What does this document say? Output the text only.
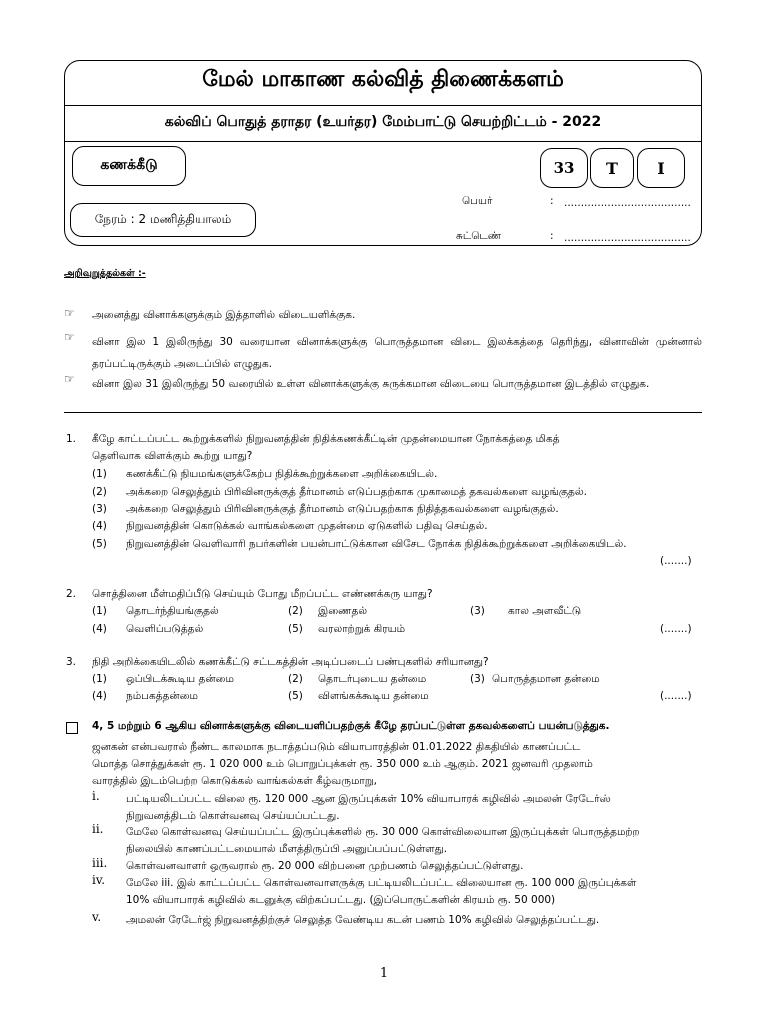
மேல் மாகாண கல்வித் திணைக்களம்
கல்விப் பொதுத் தராதர (உயர்தர) மேம்பாட்டு செயற்றிட்டம் - 2022
கணக்கீடு	33 T I
நேரம் : 2 மணித்தியாலம்
பெயர்	: ......................................
சுட்டெண்	: ......................................
அறிவுறுத்தல்கள் :-
☞ அனைத்து வினாக்களுக்கும் இத்தாளில் விடையளிக்குக.
☞ வினா இல 1 இலிருந்து 30 வரையான வினாக்களுக்கு பொருத்தமான விடை இலக்கத்தை தெரிந்து, வினாவின் முன்னால் தரப்பட்டிருக்கும் அடைப்பில் எழுதுக.
☞ வினா இல 31 இலிருந்து 50 வரையில் உள்ள வினாக்களுக்கு சுருக்கமான விடையை பொருத்தமான இடத்தில் எழுதுக.
1. கீழே காட்டப்பட்ட கூற்றுக்களில் நிறுவனத்தின் நிதிக்கணக்கீட்டின் முதன்மையான நோக்கத்தை மிகத்
தெளிவாக விளக்கும் கூற்று யாது?
(1) கணக்கீட்டு நியமங்களுக்கேற்ப நிதிக்கூற்றுக்களை அறிக்கையிடல்.
(2) அக்கறை செலுத்தும் பிரிவினருக்குத் தீர்மானம் எடுப்பதற்காக முகாமைத் தகவல்களை வழங்குதல்.
(3) அக்கறை செலுத்தும் பிரிவினருக்குத் தீர்மானம் எடுப்பதற்காக நிதித்தகவல்களை வழங்குதல்.
(4) நிறுவனத்தின் கொடுக்கல் வாங்கல்களை முதன்மை ஏடுகளில் பதிவு செய்தல்.
(5) நிறுவனத்தின் வெளிவாரி நபர்களின் பயன்பாட்டுக்கான விசேட நோக்க நிதிக்கூற்றுக்களை அறிக்கையிடல்.
(.......)
2. சொத்தினை மீள்மதிப்பீடு செய்யும் போது மீறப்பட்ட எண்ணக்கரு யாது?
(1) தொடர்ந்தியங்குதல்	(2) இணைதல்	(3) கால அளவீட்டு
(4) வெளிப்படுத்தல்	(5) வரலாற்றுக் கிரயம்	(.......)
3. நிதி அறிக்கையிடலில் கணக்கீட்டு சட்டகத்தின் அடிப்படைப் பண்புகளில் சரியானது?
(1) ஒப்பிடக்கூடிய தன்மை	(2) தொடர்புடைய தன்மை	(3) பொருத்தமான தன்மை
(4) நம்பகத்தன்மை	(5) விளங்கக்கூடிய தன்மை	(.......)
4, 5 மற்றும் 6 ஆகிய வினாக்களுக்கு விடையளிப்பதற்குக் கீழே தரப்பட்டுள்ள தகவல்களைப் பயன்படுத்துக.
ஜனகன் என்பவரால் நீண்ட காலமாக நடாத்தப்படும் வியாபாரத்தின் 01.01.2022 திகதியில் காணப்பட்ட
மொத்த சொத்துக்கள் ரூ. 1 020 000 உம் பொறுப்புக்கள் ரூ. 350 000 உம் ஆகும். 2021 ஜனவரி முதலாம்
வாரத்தில் இடம்பெற்ற கொடுக்கல் வாங்கல்கள் கீழ்வருமாறு,
i.	பட்டியலிடப்பட்ட விலை ரூ. 120 000 ஆன இருப்புக்கள் 10% வியாபாரக் கழிவில் அமலன் ரேடேர்ஸ்
நிறுவனத்திடம் கொள்வனவு செய்யப்பட்டது.
ii. மேலே கொள்வனவு செய்யப்பட்ட இருப்புக்களில் ரூ. 30 000 கொள்விலையான இருப்புக்கள் பொருத்தமற்ற
நிலையில் காணப்பட்டமையால் மீளத்திருப்பி அனுப்பப்பட்டுள்ளது.
iii. கொள்வனவாளர் ஒருவரால் ரூ. 20 000 விற்பனை முற்பணம் செலுத்தப்பட்டுள்ளது.
iv. மேலே iii. இல் காட்டப்பட்ட கொள்வனவாளருக்கு பட்டியலிடப்பட்ட விலையான ரூ. 100 000 இருப்புக்கள்
10% வியாபாரக் கழிவில் கடனுக்கு விற்கப்பட்டது. (இப்பொருட்களின் கிரயம் ரூ. 50 000)
v. அமலன் ரேடேர்ஜ் நிறுவனத்திற்குச் செலுத்த வேண்டிய கடன் பணம் 10% கழிவில் செலுத்தப்பட்டது.
1
